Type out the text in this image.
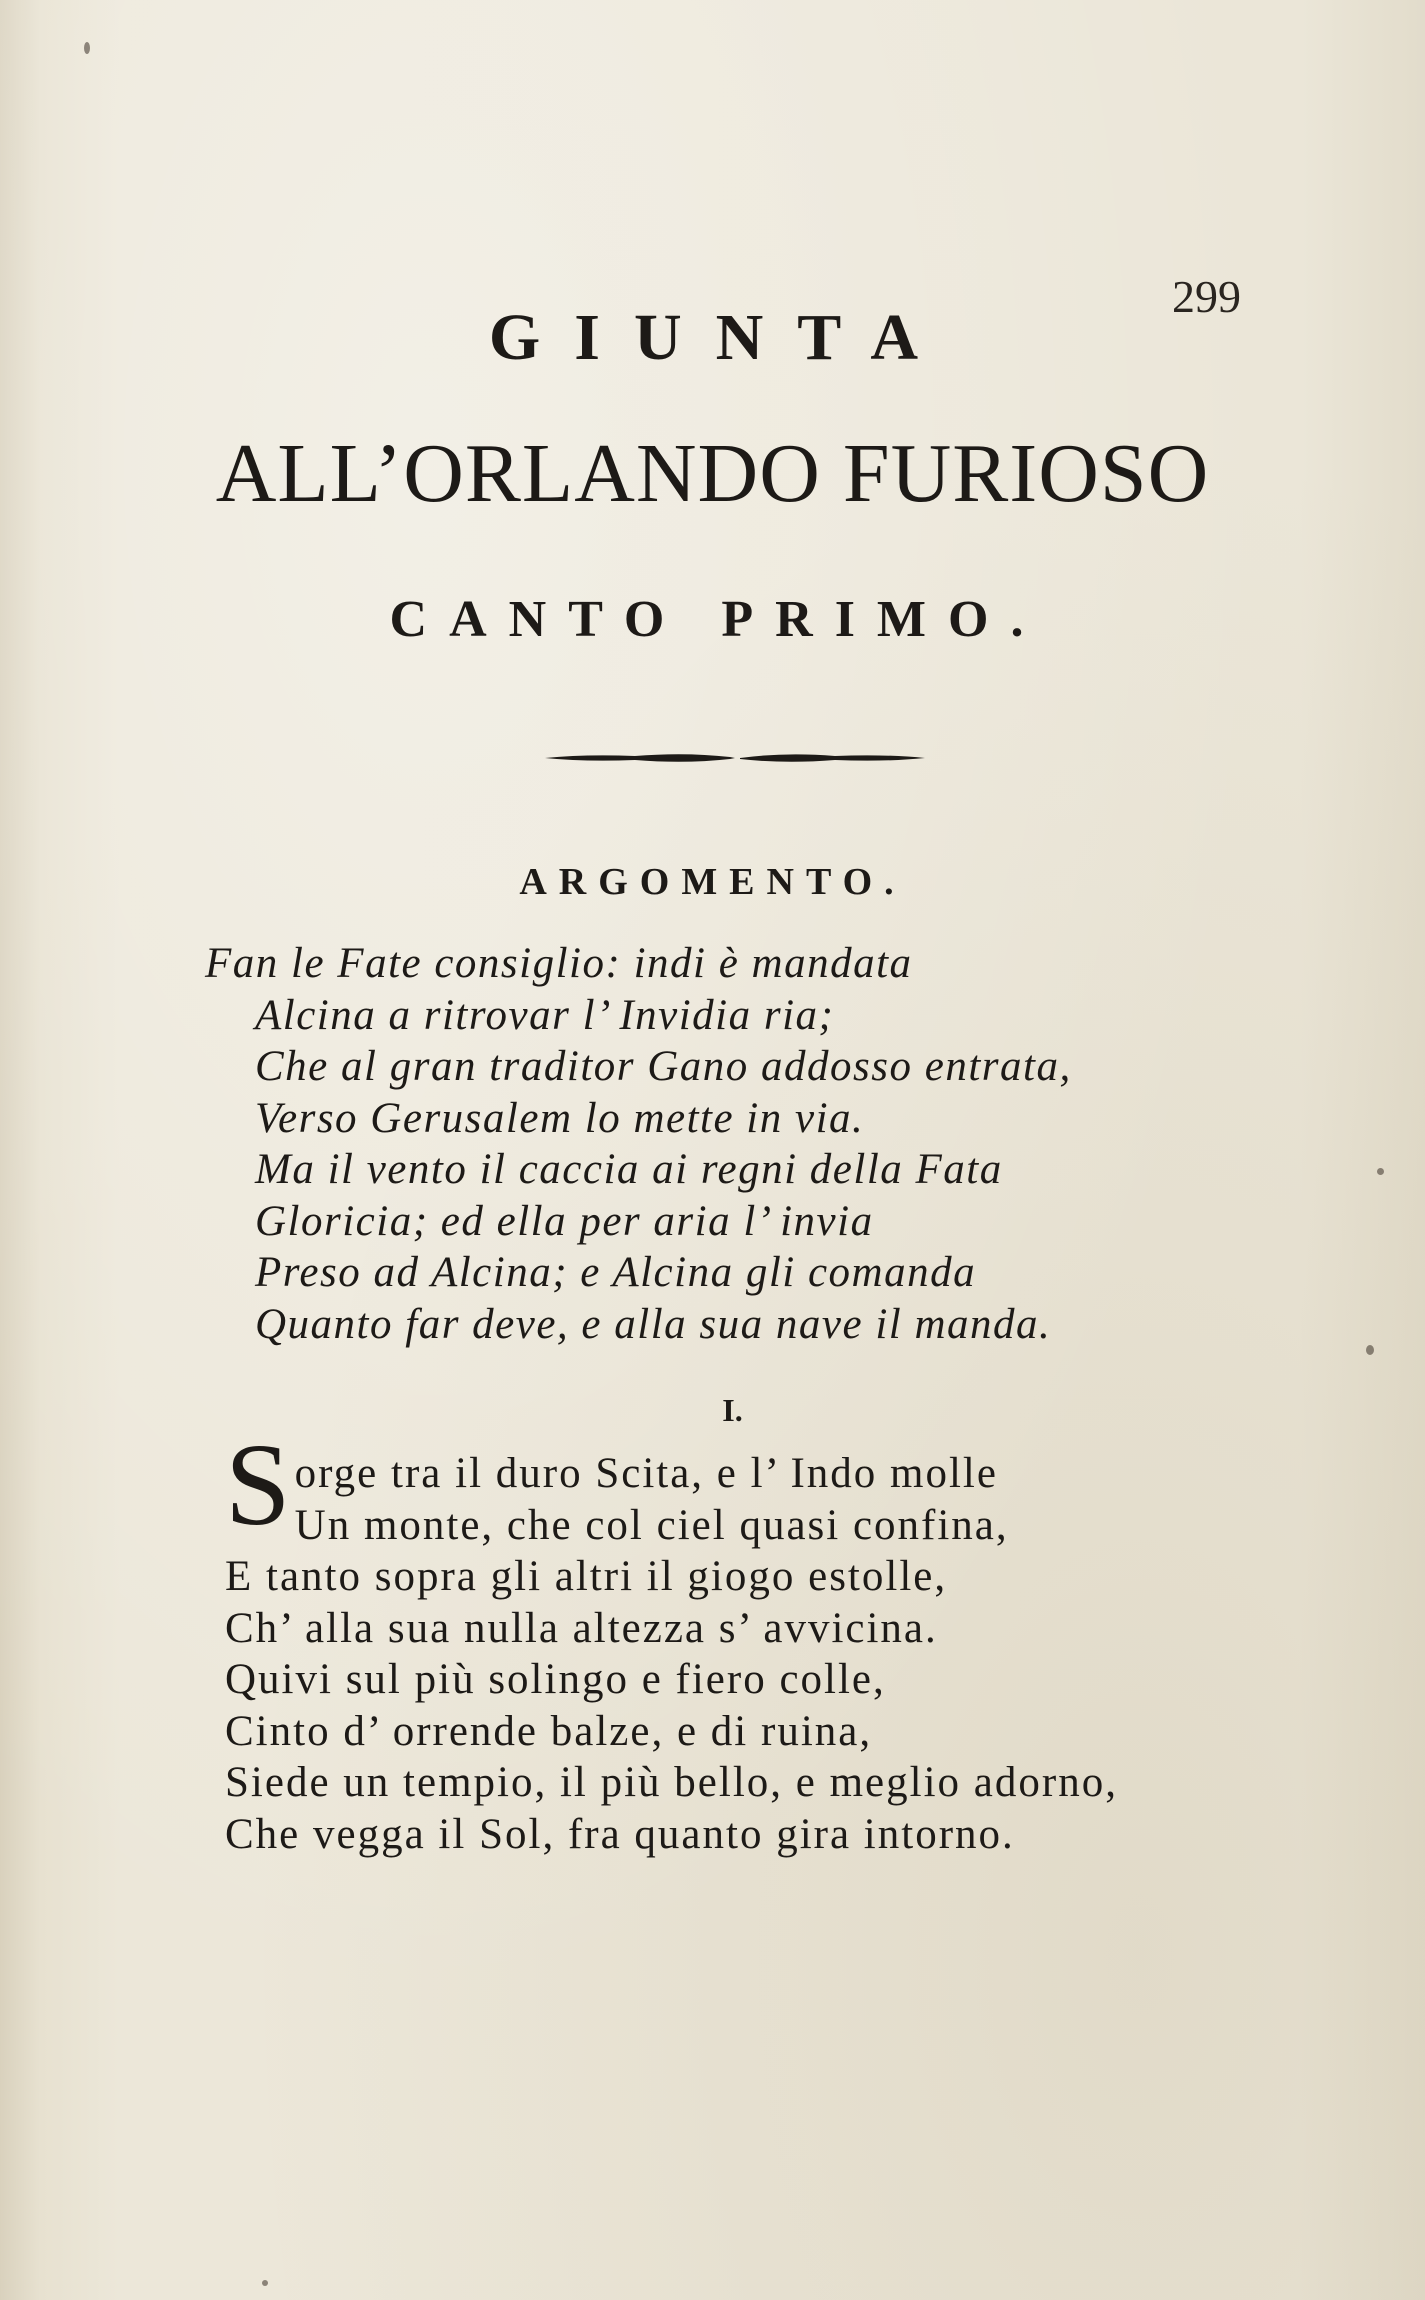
299
GIUNTA
ALL’ORLANDO FURIOSO
CANTO PRIMO.
ARGOMENTO.
Fan le Fate consiglio: indi è mandata
Alcina a ritrovar l’ Invidia ria;
Che al gran traditor Gano addosso entrata,
Verso Gerusalem lo mette in via.
Ma il vento il caccia ai regni della Fata
Gloricia; ed ella per aria l’ invia
Preso ad Alcina; e Alcina gli comanda
Quanto far deve, e alla sua nave il manda.
I.
Sorge tra il duro Scita, e l’ Indo molle
Un monte, che col ciel quasi confina,
E tanto sopra gli altri il giogo estolle,
Ch’ alla sua nulla altezza s’ avvicina.
Quivi sul più solingo e fiero colle,
Cinto d’ orrende balze, e di ruina,
Siede un tempio, il più bello, e meglio adorno,
Che vegga il Sol, fra quanto gira intorno.
